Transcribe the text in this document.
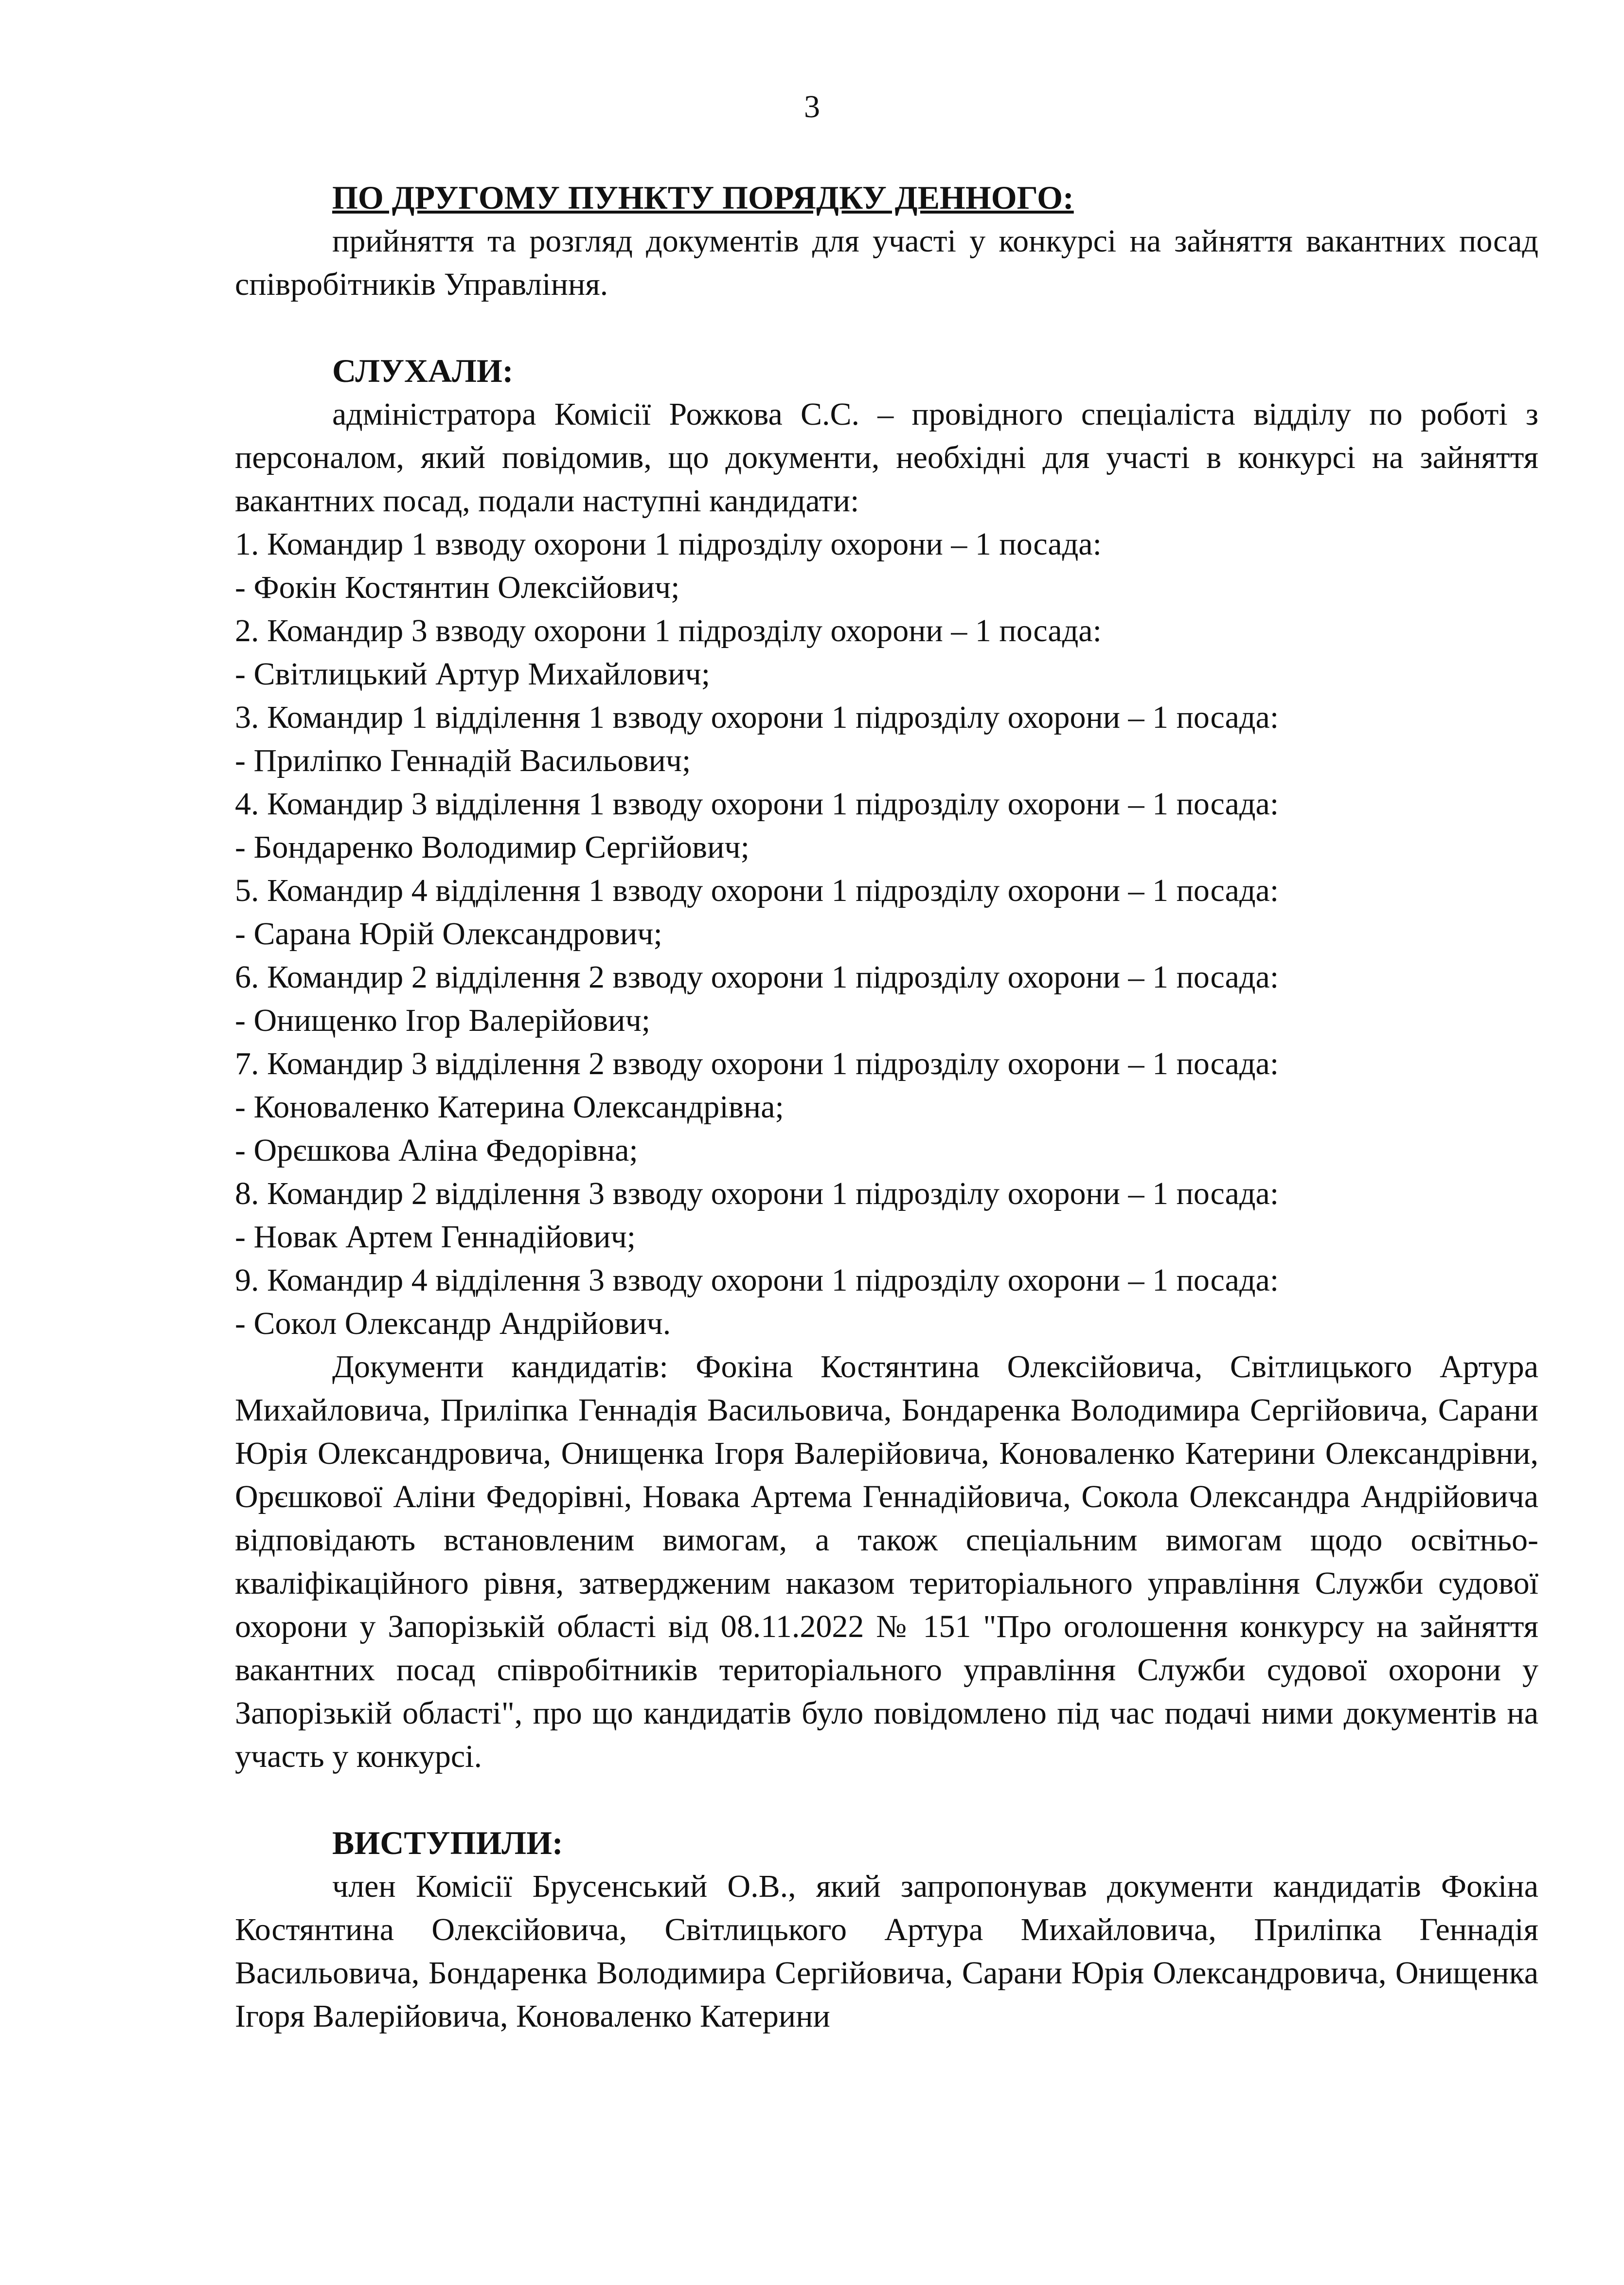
3

ПО ДРУГОМУ ПУНКТУ ПОРЯДКУ ДЕННОГО:

прийняття та розгляд документів для участі у конкурсі на зайняття вакантних посад співробітників Управління.

СЛУХАЛИ:

адміністратора Комісії Рожкова С.С. – провідного спеціаліста відділу по роботі з персоналом, який повідомив, що документи, необхідні для участі в конкурсі на зайняття вакантних посад, подали наступні кандидати:

1. Командир 1 взводу охорони 1 підрозділу охорони – 1 посада:
- Фокін Костянтин Олексійович;
2. Командир 3 взводу охорони 1 підрозділу охорони – 1 посада:
- Світлицький Артур Михайлович;
3. Командир 1 відділення 1 взводу охорони 1 підрозділу охорони – 1 посада:
- Приліпко Геннадій Васильович;
4. Командир 3 відділення 1 взводу охорони 1 підрозділу охорони – 1 посада:
- Бондаренко Володимир Сергійович;
5. Командир 4 відділення 1 взводу охорони 1 підрозділу охорони – 1 посада:
- Сарана Юрій Олександрович;
6. Командир 2 відділення 2 взводу охорони 1 підрозділу охорони – 1 посада:
- Онищенко Ігор Валерійович;
7. Командир 3 відділення 2 взводу охорони 1 підрозділу охорони – 1 посада:
- Коноваленко Катерина Олександрівна;
- Орєшкова Аліна Федорівна;
8. Командир 2 відділення 3 взводу охорони 1 підрозділу охорони – 1 посада:
- Новак Артем Геннадійович;
9. Командир 4 відділення 3 взводу охорони 1 підрозділу охорони – 1 посада:
- Сокол Олександр Андрійович.

Документи кандидатів: Фокіна Костянтина Олексійовича, Світлицького Артура Михайловича, Приліпка Геннадія Васильовича, Бондаренка Володимира Сергійовича, Сарани Юрія Олександровича, Онищенка Ігоря Валерійовича, Коноваленко Катерини Олександрівни, Орєшкової Аліни Федорівні, Новака Артема Геннадійовича, Сокола Олександра Андрійовича відповідають встановленим вимогам, а також спеціальним вимогам щодо освітньо-кваліфікаційного рівня, затвердженим наказом територіального управління Служби судової охорони у Запорізькій області від 08.11.2022 № 151 "Про оголошення конкурсу на зайняття вакантних посад співробітників територіального управління Служби судової охорони у Запорізькій області", про що кандидатів було повідомлено під час подачі ними документів на участь у конкурсі.

ВИСТУПИЛИ:

член Комісії Брусенський О.В., який запропонував документи кандидатів Фокіна Костянтина Олексійовича, Світлицького Артура Михайловича, Приліпка Геннадія Васильовича, Бондаренка Володимира Сергійовича, Сарани Юрія Олександровича, Онищенка Ігоря Валерійовича, Коноваленко Катерини
